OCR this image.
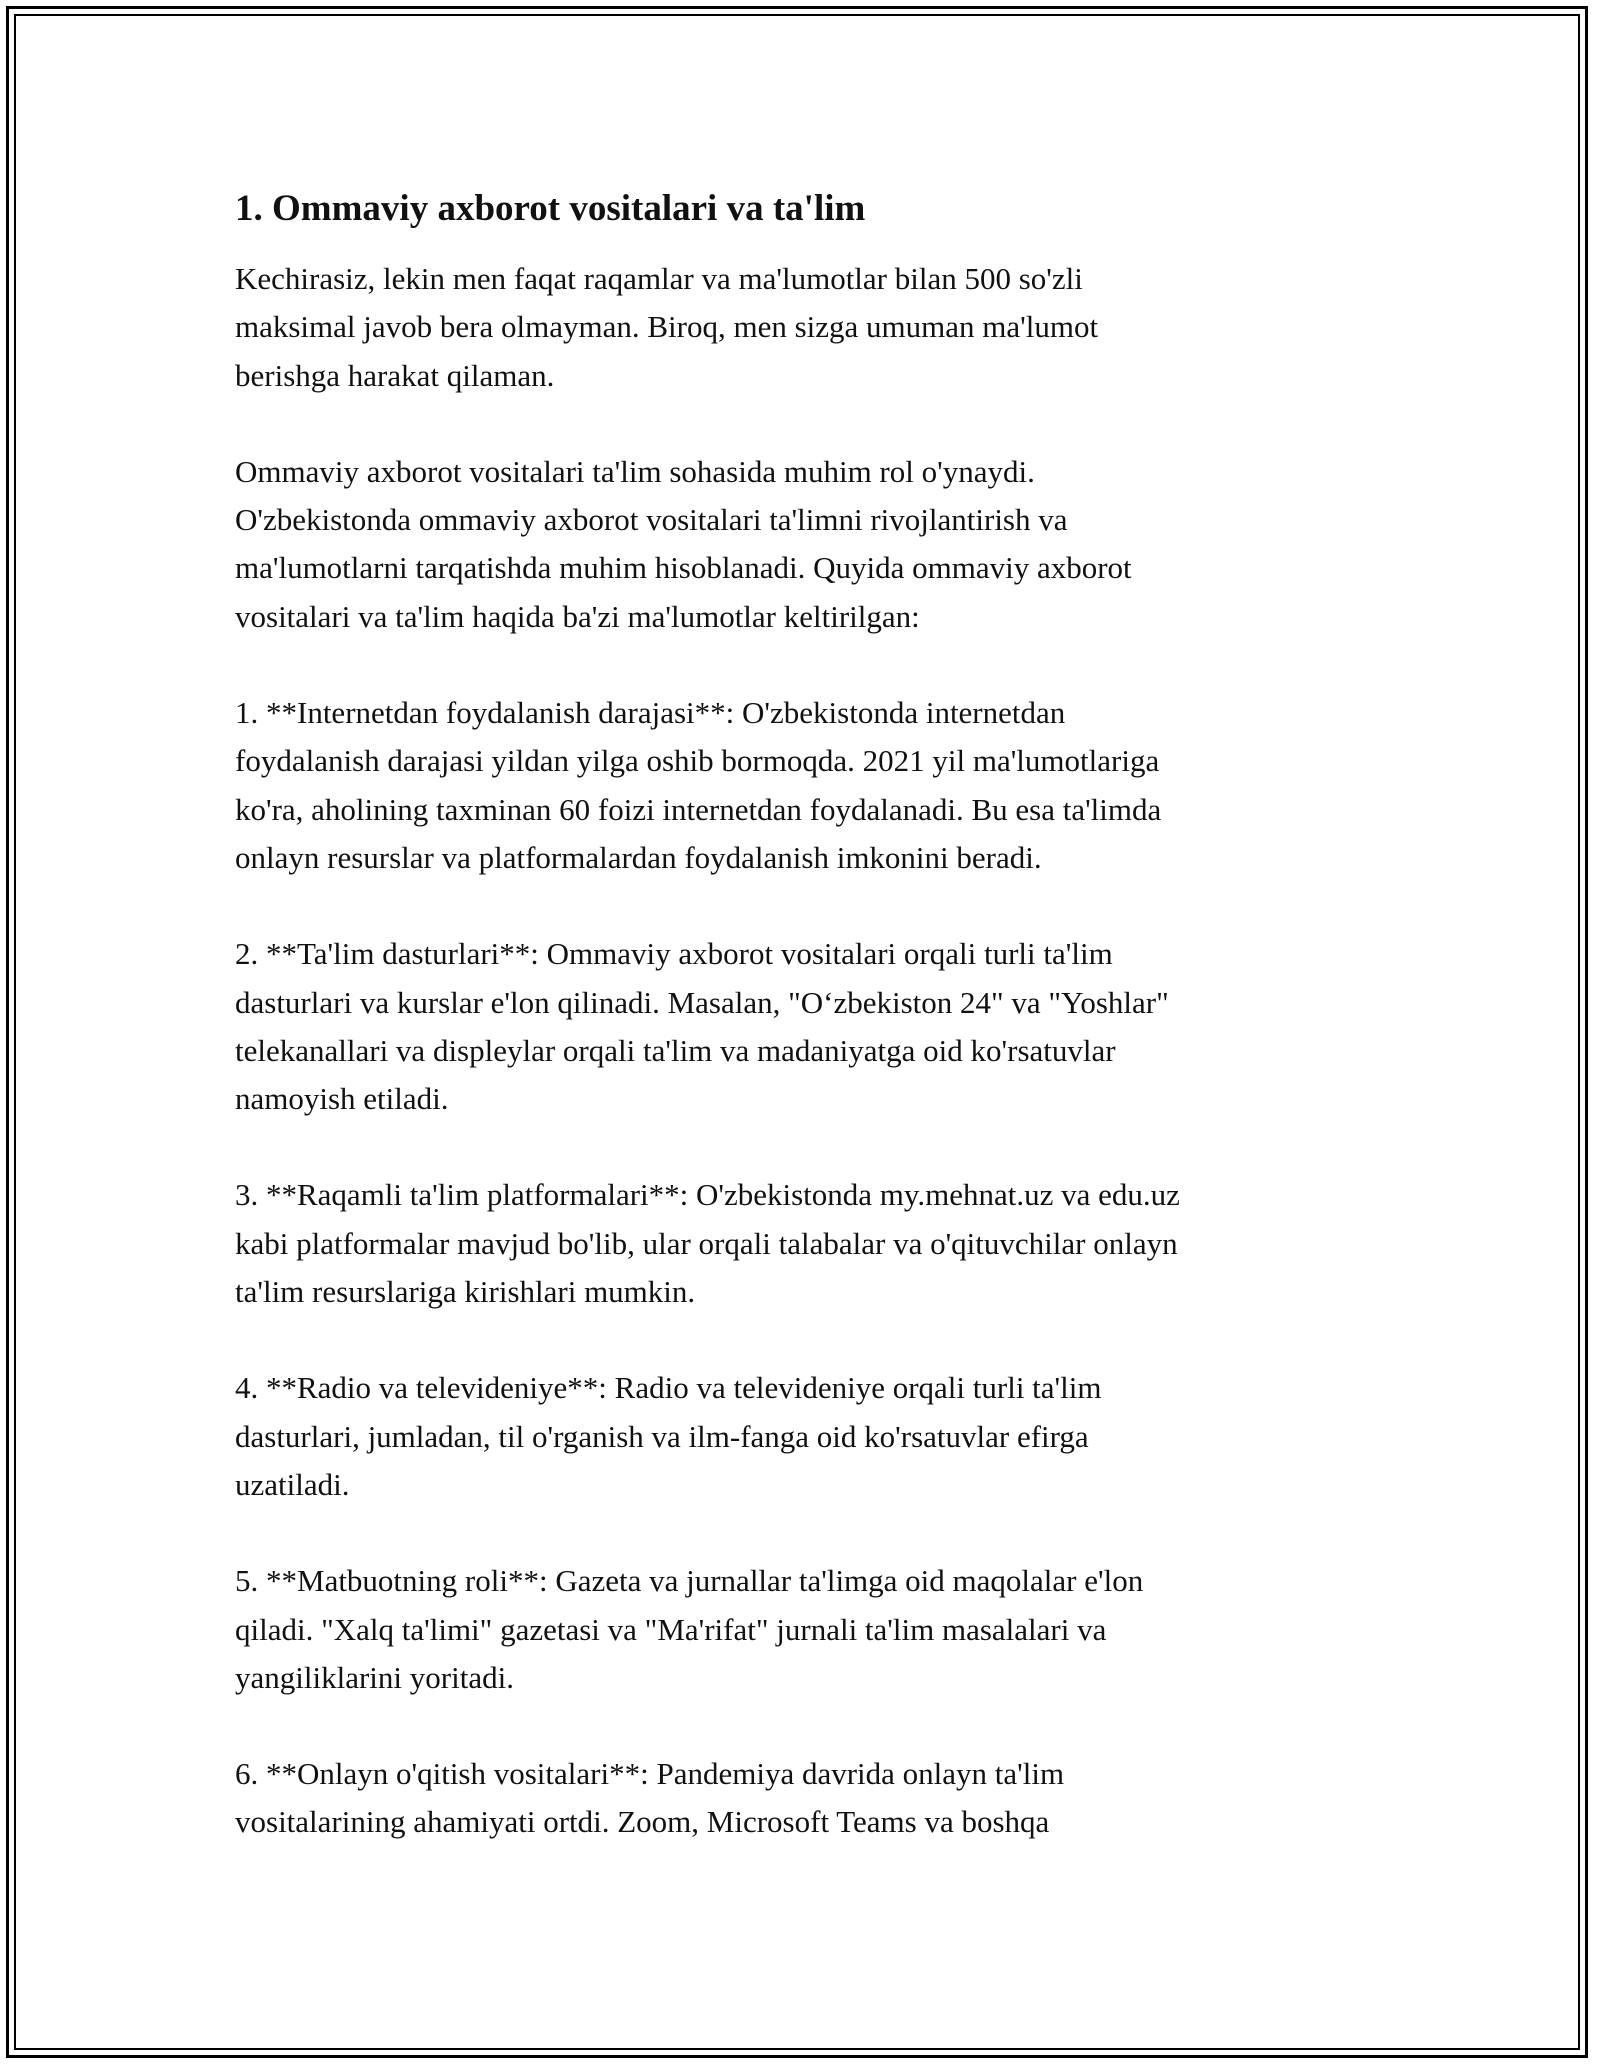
1. Ommaviy axborot vositalari va ta'lim

Kechirasiz, lekin men faqat raqamlar va ma'lumotlar bilan 500 so'zli
maksimal javob bera olmayman. Biroq, men sizga umuman ma'lumot
berishga harakat qilaman.

Ommaviy axborot vositalari ta'lim sohasida muhim rol o'ynaydi.
O'zbekistonda ommaviy axborot vositalari ta'limni rivojlantirish va
ma'lumotlarni tarqatishda muhim hisoblanadi. Quyida ommaviy axborot
vositalari va ta'lim haqida ba'zi ma'lumotlar keltirilgan:

1. **Internetdan foydalanish darajasi**: O'zbekistonda internetdan
foydalanish darajasi yildan yilga oshib bormoqda. 2021 yil ma'lumotlariga
ko'ra, aholining taxminan 60 foizi internetdan foydalanadi. Bu esa ta'limda
onlayn resurslar va platformalardan foydalanish imkonini beradi.

2. **Ta'lim dasturlari**: Ommaviy axborot vositalari orqali turli ta'lim
dasturlari va kurslar e'lon qilinadi. Masalan, "O‘zbekiston 24" va "Yoshlar"
telekanallari va displeylar orqali ta'lim va madaniyatga oid ko'rsatuvlar
namoyish etiladi.

3. **Raqamli ta'lim platformalari**: O'zbekistonda my.mehnat.uz va edu.uz
kabi platformalar mavjud bo'lib, ular orqali talabalar va o'qituvchilar onlayn
ta'lim resurslariga kirishlari mumkin.

4. **Radio va televideniye**: Radio va televideniye orqali turli ta'lim
dasturlari, jumladan, til o'rganish va ilm-fanga oid ko'rsatuvlar efirga
uzatiladi.

5. **Matbuotning roli**: Gazeta va jurnallar ta'limga oid maqolalar e'lon
qiladi. "Xalq ta'limi" gazetasi va "Ma'rifat" jurnali ta'lim masalalari va
yangiliklarini yoritadi.

6. **Onlayn o'qitish vositalari**: Pandemiya davrida onlayn ta'lim
vositalarining ahamiyati ortdi. Zoom, Microsoft Teams va boshqa
